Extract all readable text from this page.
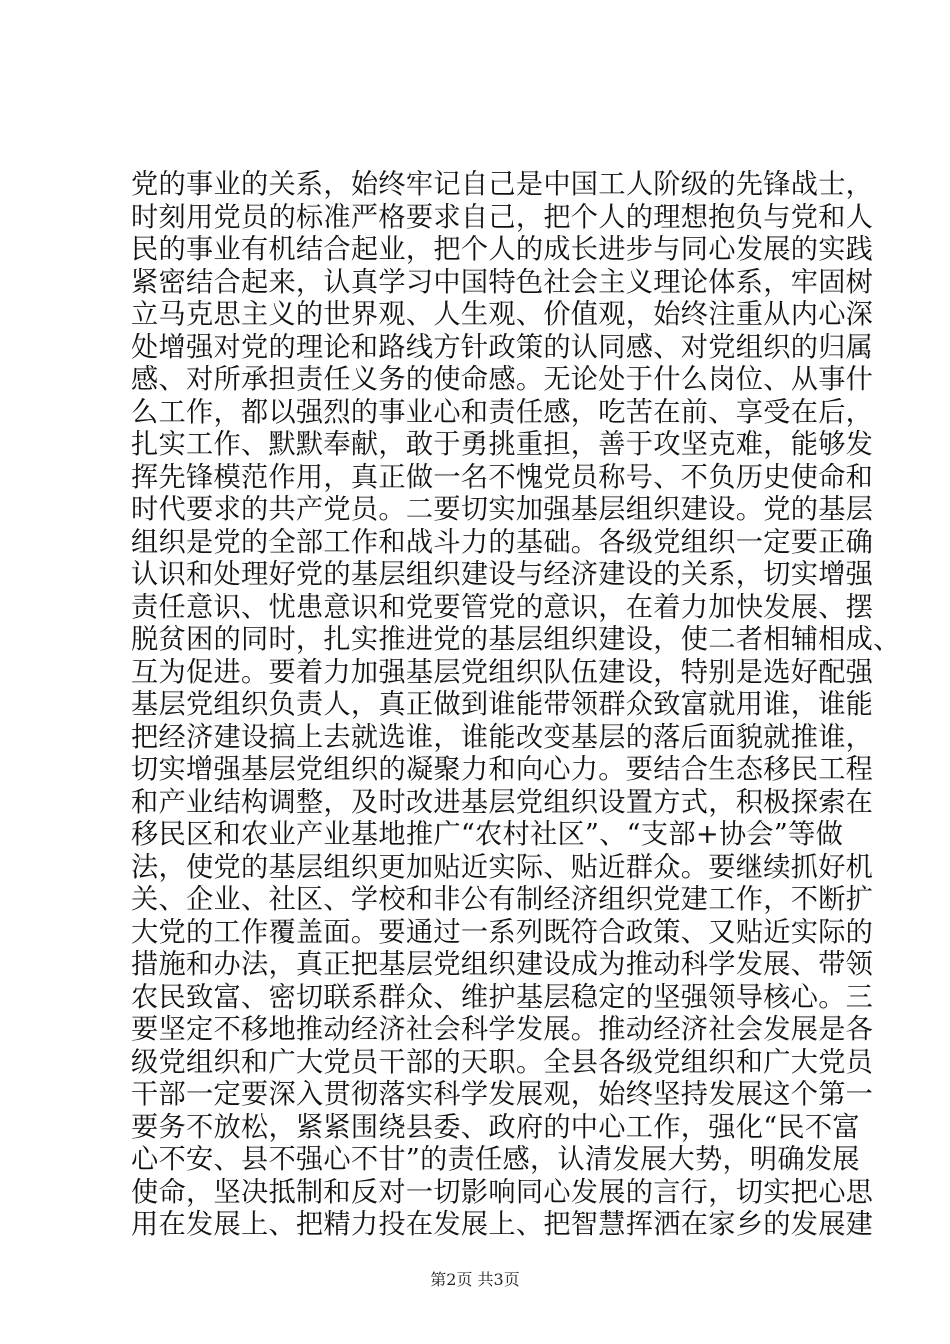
党的事业的关系，始终牢记自己是中国工人阶级的先锋战士，
时刻用党员的标准严格要求自己，把个人的理想抱负与党和人
民的事业有机结合起业，把个人的成长进步与同心发展的实践
紧密结合起来，认真学习中国特色社会主义理论体系，牢固树
立马克思主义的世界观、人生观、价值观，始终注重从内心深
处增强对党的理论和路线方针政策的认同感、对党组织的归属
感、对所承担责任义务的使命感。无论处于什么岗位、从事什
么工作，都以强烈的事业心和责任感，吃苦在前、享受在后，
扎实工作、默默奉献，敢于勇挑重担，善于攻坚克难，能够发
挥先锋模范作用，真正做一名不愧党员称号、不负历史使命和
时代要求的共产党员。二要切实加强基层组织建设。党的基层
组织是党的全部工作和战斗力的基础。各级党组织一定要正确
认识和处理好党的基层组织建设与经济建设的关系，切实增强
责任意识、忧患意识和党要管党的意识，在着力加快发展、摆
脱贫困的同时，扎实推进党的基层组织建设，使二者相辅相成、
互为促进。要着力加强基层党组织队伍建设，特别是选好配强
基层党组织负责人，真正做到谁能带领群众致富就用谁，谁能
把经济建设搞上去就选谁，谁能改变基层的落后面貌就推谁，
切实增强基层党组织的凝聚力和向心力。要结合生态移民工程
和产业结构调整，及时改进基层党组织设置方式，积极探索在
移民区和农业产业基地推广“农村社区”、“支部+协会”等做
法，使党的基层组织更加贴近实际、贴近群众。要继续抓好机
关、企业、社区、学校和非公有制经济组织党建工作，不断扩
大党的工作覆盖面。要通过一系列既符合政策、又贴近实际的
措施和办法，真正把基层党组织建设成为推动科学发展、带领
农民致富、密切联系群众、维护基层稳定的坚强领导核心。三
要坚定不移地推动经济社会科学发展。推动经济社会发展是各
级党组织和广大党员干部的天职。全县各级党组织和广大党员
干部一定要深入贯彻落实科学发展观，始终坚持发展这个第一
要务不放松，紧紧围绕县委、政府的中心工作，强化“民不富
心不安、县不强心不甘”的责任感，认清发展大势，明确发展
使命，坚决抵制和反对一切影响同心发展的言行，切实把心思
用在发展上、把精力投在发展上、把智慧挥洒在家乡的发展建
第2页 共3页
